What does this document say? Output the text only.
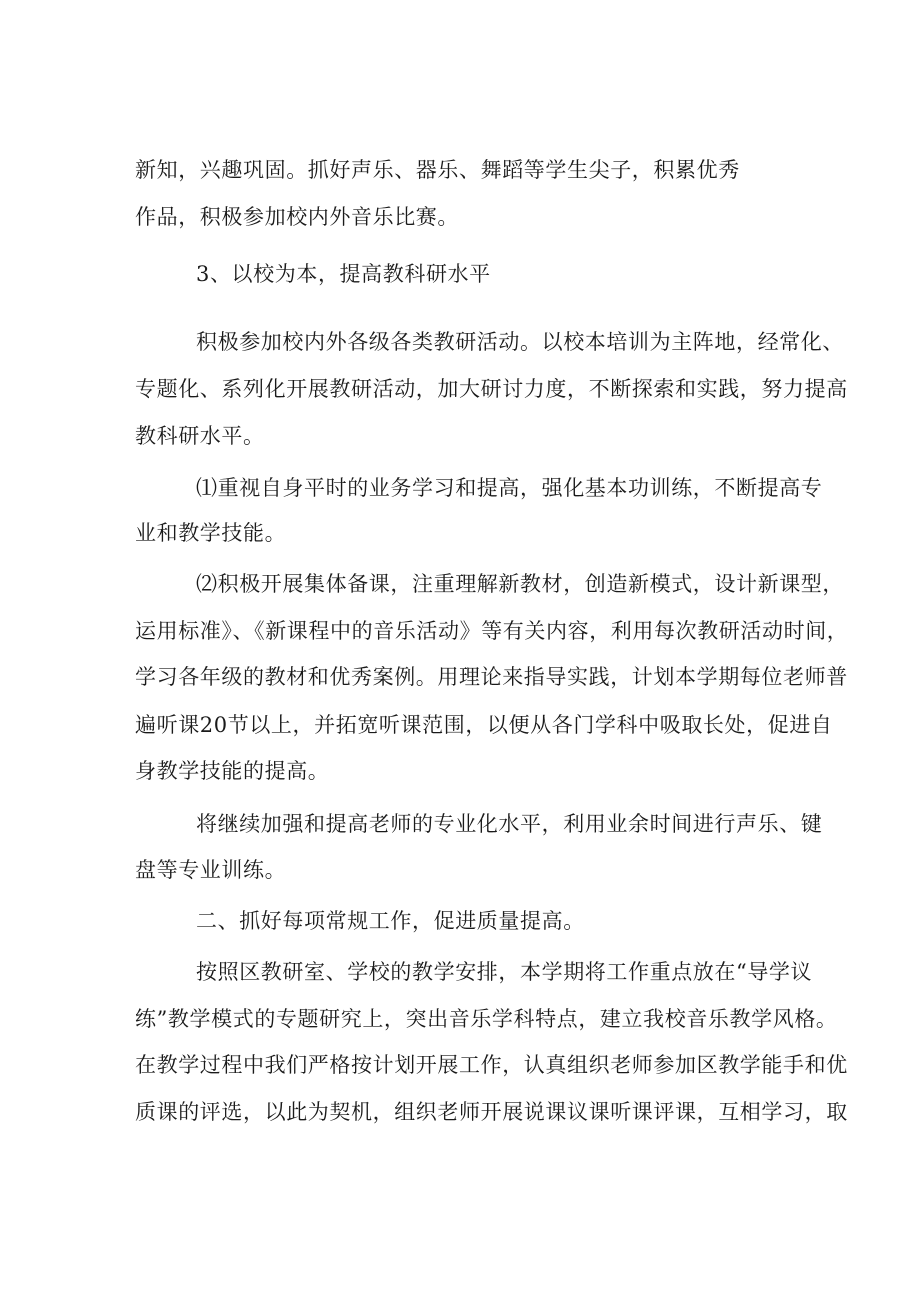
新知，兴趣巩固。抓好声乐、器乐、舞蹈等学生尖子，积累优秀
作品，积极参加校内外音乐比赛。
3、以校为本，提高教科研水平
积极参加校内外各级各类教研活动。以校本培训为主阵地，经常化、
专题化、系列化开展教研活动，加大研讨力度，不断探索和实践，努力提高
教科研水平。
⑴重视自身平时的业务学习和提高，强化基本功训练，不断提高专
业和教学技能。
⑵积极开展集体备课，注重理解新教材，创造新模式，设计新课型，
运用标准》、《新课程中的音乐活动》等有关内容，利用每次教研活动时间，
学习各年级的教材和优秀案例。用理论来指导实践，计划本学期每位老师普
遍听课20节以上，并拓宽听课范围，以便从各门学科中吸取长处，促进自
身教学技能的提高。
将继续加强和提高老师的专业化水平，利用业余时间进行声乐、键
盘等专业训练。
二、抓好每项常规工作，促进质量提高。
按照区教研室、学校的教学安排，本学期将工作重点放在“导学议
练”教学模式的专题研究上，突出音乐学科特点，建立我校音乐教学风格。
在教学过程中我们严格按计划开展工作，认真组织老师参加区教学能手和优
质课的评选，以此为契机，组织老师开展说课议课听课评课，互相学习，取
